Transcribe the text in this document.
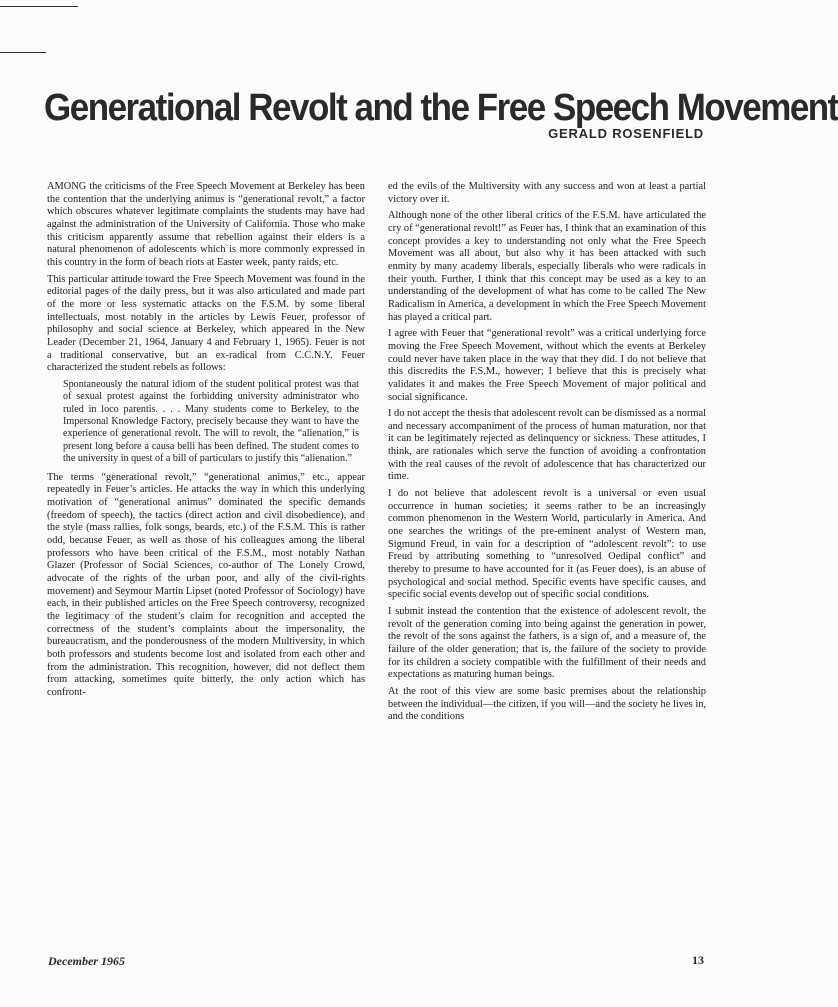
Generational Revolt and the Free Speech Movement
GERALD ROSENFIELD

AMONG the criticisms of the Free Speech Movement at Berkeley has been the contention that the underlying animus is “generational revolt,” a factor which obscures whatever legitimate complaints the students may have had against the administration of the University of California. Those who make this criticism apparently assume that rebellion against their elders is a natural phenomenon of adolescents which is more commonly expressed in this country in the form of beach riots at Easter week, panty raids, etc.

This particular attitude toward the Free Speech Movement was found in the editorial pages of the daily press, but it was also articulated and made part of the more or less systematic attacks on the F.S.M. by some liberal intellectuals, most notably in the articles by Lewis Feuer, professor of philosophy and social science at Berkeley, which appeared in the New Leader (December 21, 1964, January 4 and February 1, 1965). Feuer is not a traditional conservative, but an ex-radical from C.C.N.Y. Feuer characterized the student rebels as follows:

Spontaneously the natural idiom of the student political protest was that of sexual protest against the forbidding university administrator who ruled in loco parentis. . . . Many students come to Berkeley, to the Impersonal Knowledge Factory, precisely because they want to have the experience of generational revolt. The will to revolt, the “alienation,” is present long before a causa belli has been defined. The student comes to the university in quest of a bill of particulars to justify this “alienation.”

The terms “generational revolt,” “generational animus,” etc., appear repeatedly in Feuer’s articles. He attacks the way in which this underlying motivation of “generational animus” dominated the specific demands (freedom of speech), the tactics (direct action and civil disobedience), and the style (mass rallies, folk songs, beards, etc.) of the F.S.M. This is rather odd, because Feuer, as well as those of his colleagues among the liberal professors who have been critical of the F.S.M., most notably Nathan Glazer (Professor of Social Sciences, co-author of The Lonely Crowd, advocate of the rights of the urban poor, and ally of the civil-rights movement) and Seymour Martin Lipset (noted Professor of Sociology) have each, in their published articles on the Free Speech controversy, recognized the legitimacy of the student’s claim for recognition and accepted the correctness of the student’s complaints about the impersonality, the bureaucratism, and the ponderousness of the modern Multiversity, in which both professors and students become lost and isolated from each other and from the administration. This recognition, however, did not deflect them from attacking, sometimes quite bitterly, the only action which has confront-

ed the evils of the Multiversity with any success and won at least a partial victory over it.

Although none of the other liberal critics of the F.S.M. have articulated the cry of “generational revolt!” as Feuer has, I think that an examination of this concept provides a key to understanding not only what the Free Speech Movement was all about, but also why it has been attacked with such enmity by many academy liberals, especially liberals who were radicals in their youth. Further, I think that this concept may be used as a key to an understanding of the development of what has come to be called The New Radicalism in America, a development in which the Free Speech Movement has played a critical part.

I agree with Feuer that “generational revolt” was a critical underlying force moving the Free Speech Movement, without which the events at Berkeley could never have taken place in the way that they did. I do not believe that this discredits the F.S.M., however; I believe that this is precisely what validates it and makes the Free Speech Movement of major political and social significance.

I do not accept the thesis that adolescent revolt can be dismissed as a normal and necessary accompaniment of the process of human maturation, nor that it can be legitimately rejected as delinquency or sickness. These attitudes, I think, are rationales which serve the function of avoiding a confrontation with the real causes of the revolt of adolescence that has characterized our time.

I do not believe that adolescent revolt is a universal or even usual occurrence in human societies; it seems rather to be an increasingly common phenomenon in the Western World, particularly in America. And one searches the writings of the pre-eminent analyst of Western man, Sigmund Freud, in vain for a description of “adolescent revolt”: to use Freud by attributing something to “unresolved Oedipal conflict” and thereby to presume to have accounted for it (as Feuer does), is an abuse of psychological and social method. Specific events have specific causes, and specific social events develop out of specific social conditions.

I submit instead the contention that the existence of adolescent revolt, the revolt of the generation coming into being against the generation in power, the revolt of the sons against the fathers, is a sign of, and a measure of, the failure of the older generation; that is, the failure of the society to provide for its children a society compatible with the fulfillment of their needs and expectations as maturing human beings.

At the root of this view are some basic premises about the relationship between the individual—the citizen, if you will—and the society he lives in, and the conditions

December 1965	13
